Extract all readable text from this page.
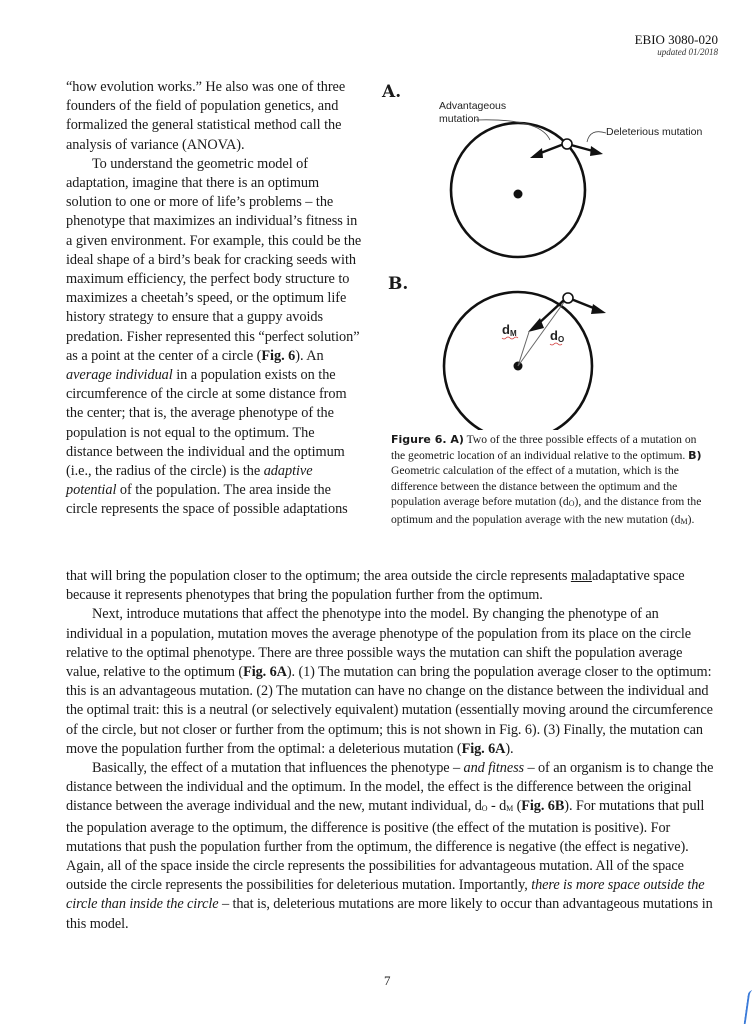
EBIO 3080-020
updated 01/2018

“how evolution works.” He also was one of three founders of the field of population genetics, and formalized the general statistical method call the analysis of variance (ANOVA).

To understand the geometric model of adaptation, imagine that there is an optimum solution to one or more of life’s problems – the phenotype that maximizes an individual’s fitness in a given environment. For example, this could be the ideal shape of a bird’s beak for cracking seeds with maximum efficiency, the perfect body structure to maximizes a cheetah’s speed, or the optimum life history strategy to ensure that a guppy avoids predation. Fisher represented this “perfect solution” as a point at the center of a circle (Fig. 6). An average individual in a population exists on the circumference of the circle at some distance from the center; that is, the average phenotype of the population is not equal to the optimum. The distance between the individual and the optimum (i.e., the radius of the circle) is the adaptive potential of the population. The area inside the circle represents the space of possible adaptations

A.
Advantageous
mutation
Deleterious mutation
B.
dM	dO
Figure 6. A) Two of the three possible effects of a mutation on the geometric location of an individual relative to the optimum. B) Geometric calculation of the effect of a mutation, which is the difference between the distance between the optimum and the population average before mutation (dO), and the distance from the optimum and the population average with the new mutation (dM).

that will bring the population closer to the optimum; the area outside the circle represents maladaptative space because it represents phenotypes that bring the population further from the optimum.

Next, introduce mutations that affect the phenotype into the model. By changing the phenotype of an individual in a population, mutation moves the average phenotype of the population from its place on the circle relative to the optimal phenotype. There are three possible ways the mutation can shift the population average value, relative to the optimum (Fig. 6A). (1) The mutation can bring the population average closer to the optimum: this is an advantageous mutation. (2) The mutation can have no change on the distance between the individual and the optimal trait: this is a neutral (or selectively equivalent) mutation (essentially moving around the circumference of the circle, but not closer or further from the optimum; this is not shown in Fig. 6). (3) Finally, the mutation can move the population further from the optimal: a deleterious mutation (Fig. 6A).

Basically, the effect of a mutation that influences the phenotype – and fitness – of an organism is to change the distance between the individual and the optimum. In the model, the effect is the difference between the original distance between the average individual and the new, mutant individual, dO - dM (Fig. 6B). For mutations that pull the population average to the optimum, the difference is positive (the effect of the mutation is positive). For mutations that push the population further from the optimum, the difference is negative (the effect is negative). Again, all of the space inside the circle represents the possibilities for advantageous mutation. All of the space outside the circle represents the possibilities for deleterious mutation. Importantly, there is more space outside the circle than inside the circle – that is, deleterious mutations are more likely to occur than advantageous mutations in this model.

7
